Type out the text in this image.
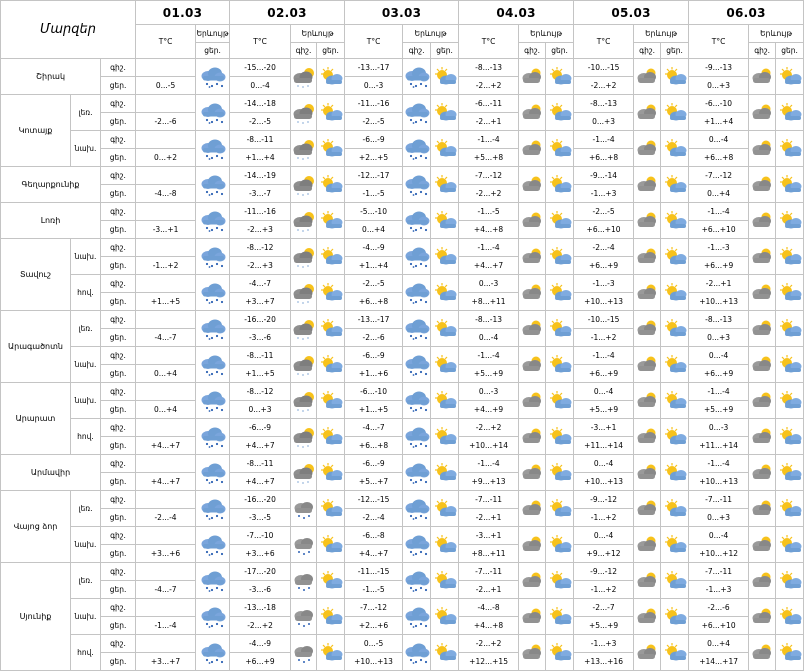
Մարզեր			01.03		02.03			03.03			04.03			05.03			06.03		
			T°C	Երևույթ	T°C	Երևույթ		T°C	Երևույթ		T°C	Երևույթ		T°C	Երևույթ		T°C	Երևույթ	
				ցեր.		գիշ.	ցեր.		գիշ.	ցեր.		գիշ.	ցեր.		գիշ.	ցեր.		գիշ.	ցեր.
Շիրակ		գիշ.			-15...-20			-13...-17			-8...-13			-10...-15			-9...-13	

		ցեր.	0...-5		0...-4			0...-3			-2...+2			-2...+2			0...+3		
Կոտայք	լեռ.	գիշ.			-14...-18			-11...-16			-6...-11			-8...-13			-6...-10	

		ցեր.	-2...-6		-2...-5			-2...-5			-2...+1			0...+3			+1...+4		
	նախ.	գիշ.			-8...-11			-6...-9			-1...-4			-1...-4			0...-4	

		ցեր.	0...+2		+1...+4			+2...+5			+5...+8			+6...+8			+6...+8		
Գեղարքունիք		գիշ.			-14...-19			-12...-17			-7...-12			-9...-14			-7...-12	

		ցեր.	-4...-8		-3...-7			-1...-5			-2...+2			-1...+3			0...+4		
Լոռի		գիշ.			-11...-16			-5...-10			-1...-5			-2...-5			-1...-4	

		ցեր.	-3...+1		-2...+3			0...+4			+4...+8			+6...+10			+6...+10		
Տավուշ	նախ.	գիշ.			-8...-12			-4...-9			-1...-4			-2...-4			-1...-3	

		ցեր.	-1...+2		-2...+3			+1...+4			+4...+7			+6...+9			+6...+9		
	հով.	գիշ.			-4...-7			-2...-5			0...-3			-1...-3			-2...+1	

		ցեր.	+1...+5		+3...+7			+6...+8			+8...+11			+10...+13			+10...+13		
Արագածոտն	լեռ.	գիշ.			-16...-20			-13...-17			-8...-13			-10...-15			-8...-13	

		ցեր.	-4...-7		-3...-6			-2...-6			0...-4			-1...+2			0...+3		
	նախ.	գիշ.			-8...-11			-6...-9			-1...-4			-1...-4			0...-4	

		ցեր.	0...+4		+1...+5			+1...+6			+5...+9			+6...+9			+6...+9		
Արարատ	նախ.	գիշ.			-8...-12			-6...-10			0...-3			0...-4			-1...-4	

		ցեր.	0...+4		0...+3			+1...+5			+4...+9			+5...+9			+5...+9		
	հով.	գիշ.			-6...-9			-4...-7			-2...+2			-3...+1			0...-3	

		ցեր.	+4...+7		+4...+7			+6...+8			+10...+14			+11...+14			+11...+14		
Արմավիր		գիշ.			-8...-11			-6...-9			-1...-4			0...-4			-1...-4	

		ցեր.	+4...+7		+4...+7			+5...+7			+9...+13			+10...+13			+10...+13		
Վայոց ձոր	լեռ.	գիշ.			-16...-20			-12...-15			-7...-11			-9...-12			-7...-11	

		ցեր.	-2...-4		-3...-5			-2...-4			-2...+1			-1...+2			0...+3		
	նախ.	գիշ.			-7...-10			-6...-8			-3...+1			0...-4			0...-4	

		ցեր.	+3...+6		+3...+6			+4...+7			+8...+11			+9...+12			+10...+12		
Սյունիք	լեռ.	գիշ.			-17...-20			-11...-15			-7...-11			-9...-12			-7...-11	

		ցեր.	-4...-7		-3...-6			-1...-5			-2...+1			-1...+2			-1...+3		
	նախ.	գիշ.			-13...-18			-7...-12			-4...-8			-2...-7			-2...-6	

		ցեր.	-1...-4		-2...+2			+2...+6			+4...+8			+5...+9			+6...+10		
	հով.	գիշ.			-4...-9			0...-5			-2...+2			-1...+3			0...+4	

		ցեր.	+3...+7		+6...+9			+10...+13			+12...+15			+13...+16			+14...+17		
